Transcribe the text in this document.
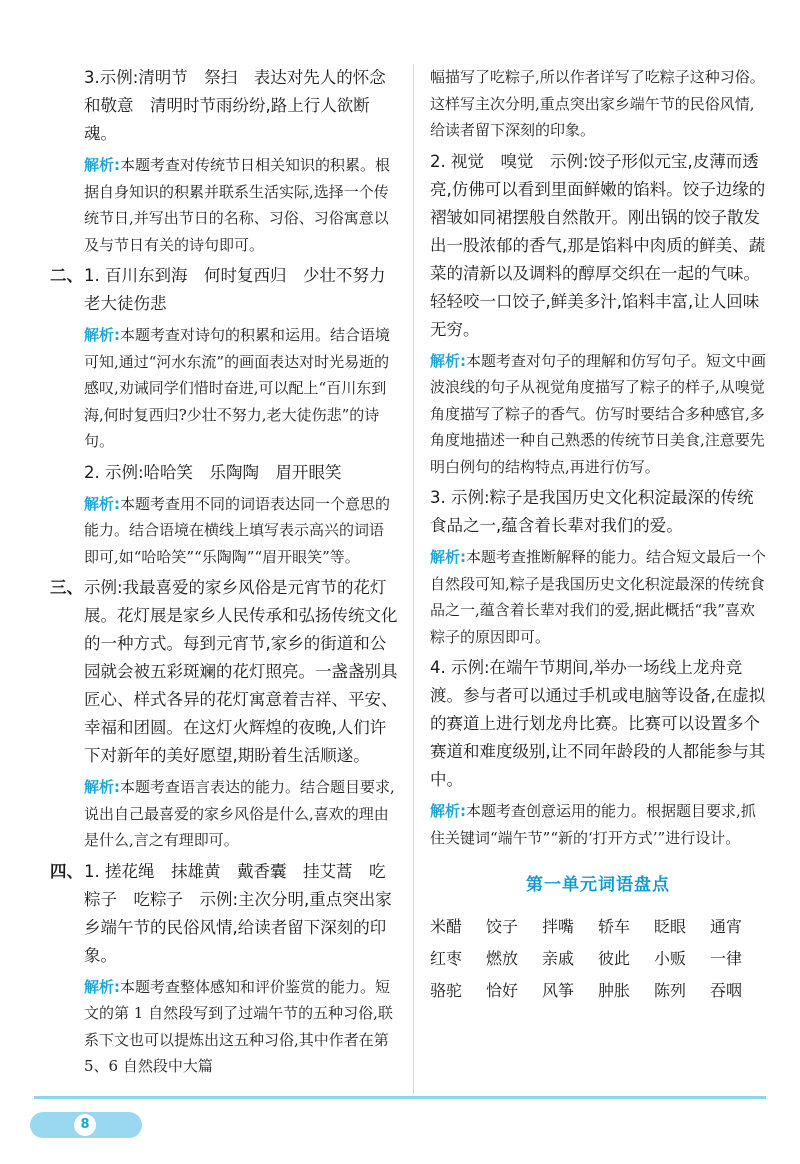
3.示例:清明节　祭扫　表达对先人的怀念和敬意　清明时节雨纷纷,路上行人欲断魂。
解析:本题考查对传统节日相关知识的积累。根据自身知识的积累并联系生活实际,选择一个传统节日,并写出节日的名称、习俗、习俗寓意以及与节日有关的诗句即可。
二、 1. 百川东到海　何时复西归　少壮不努力　老大徒伤悲
解析:本题考查对诗句的积累和运用。结合语境可知,通过“河水东流”的画面表达对时光易逝的感叹,劝诫同学们惜时奋进,可以配上“百川东到海,何时复西归?少壮不努力,老大徒伤悲”的诗句。
2. 示例:哈哈笑　乐陶陶　眉开眼笑
解析:本题考查用不同的词语表达同一个意思的能力。结合语境在横线上填写表示高兴的词语即可,如“哈哈笑”“乐陶陶”“眉开眼笑”等。
三、 示例:我最喜爱的家乡风俗是元宵节的花灯展。花灯展是家乡人民传承和弘扬传统文化的一种方式。每到元宵节,家乡的街道和公园就会被五彩斑斓的花灯照亮。一盏盏别具匠心、样式各异的花灯寓意着吉祥、平安、幸福和团圆。在这灯火辉煌的夜晚,人们许下对新年的美好愿望,期盼着生活顺遂。
解析:本题考查语言表达的能力。结合题目要求,说出自己最喜爱的家乡风俗是什么,喜欢的理由是什么,言之有理即可。
四、 1. 搓花绳　抹雄黄　戴香囊　挂艾蒿　吃粽子　吃粽子　示例:主次分明,重点突出家乡端午节的民俗风情,给读者留下深刻的印象。
解析:本题考查整体感知和评价鉴赏的能力。短文的第 1 自然段写到了过端午节的五种习俗,联系下文也可以提炼出这五种习俗,其中作者在第 5、6 自然段中大篇
幅描写了吃粽子,所以作者详写了吃粽子这种习俗。这样写主次分明,重点突出家乡端午节的民俗风情,给读者留下深刻的印象。
2. 视觉　嗅觉　示例:饺子形似元宝,皮薄而透亮,仿佛可以看到里面鲜嫩的馅料。饺子边缘的褶皱如同裙摆般自然散开。刚出锅的饺子散发出一股浓郁的香气,那是馅料中肉质的鲜美、蔬菜的清新以及调料的醇厚交织在一起的气味。轻轻咬一口饺子,鲜美多汁,馅料丰富,让人回味无穷。
解析:本题考查对句子的理解和仿写句子。短文中画波浪线的句子从视觉角度描写了粽子的样子,从嗅觉角度描写了粽子的香气。仿写时要结合多种感官,多角度地描述一种自己熟悉的传统节日美食,注意要先明白例句的结构特点,再进行仿写。
3. 示例:粽子是我国历史文化积淀最深的传统食品之一,蕴含着长辈对我们的爱。
解析:本题考查推断解释的能力。结合短文最后一个自然段可知,粽子是我国历史文化积淀最深的传统食品之一,蕴含着长辈对我们的爱,据此概括“我”喜欢粽子的原因即可。
4. 示例:在端午节期间,举办一场线上龙舟竞渡。参与者可以通过手机或电脑等设备,在虚拟的赛道上进行划龙舟比赛。比赛可以设置多个赛道和难度级别,让不同年龄段的人都能参与其中。
解析:本题考查创意运用的能力。根据题目要求,抓住关键词“端午节”“新的‘打开方式’”进行设计。
第一单元词语盘点
米醋	饺子	拌嘴	轿车	眨眼	通宵
红枣	燃放	亲戚	彼此	小贩	一律
骆驼	恰好	风筝	肿胀	陈列	吞咽
8
